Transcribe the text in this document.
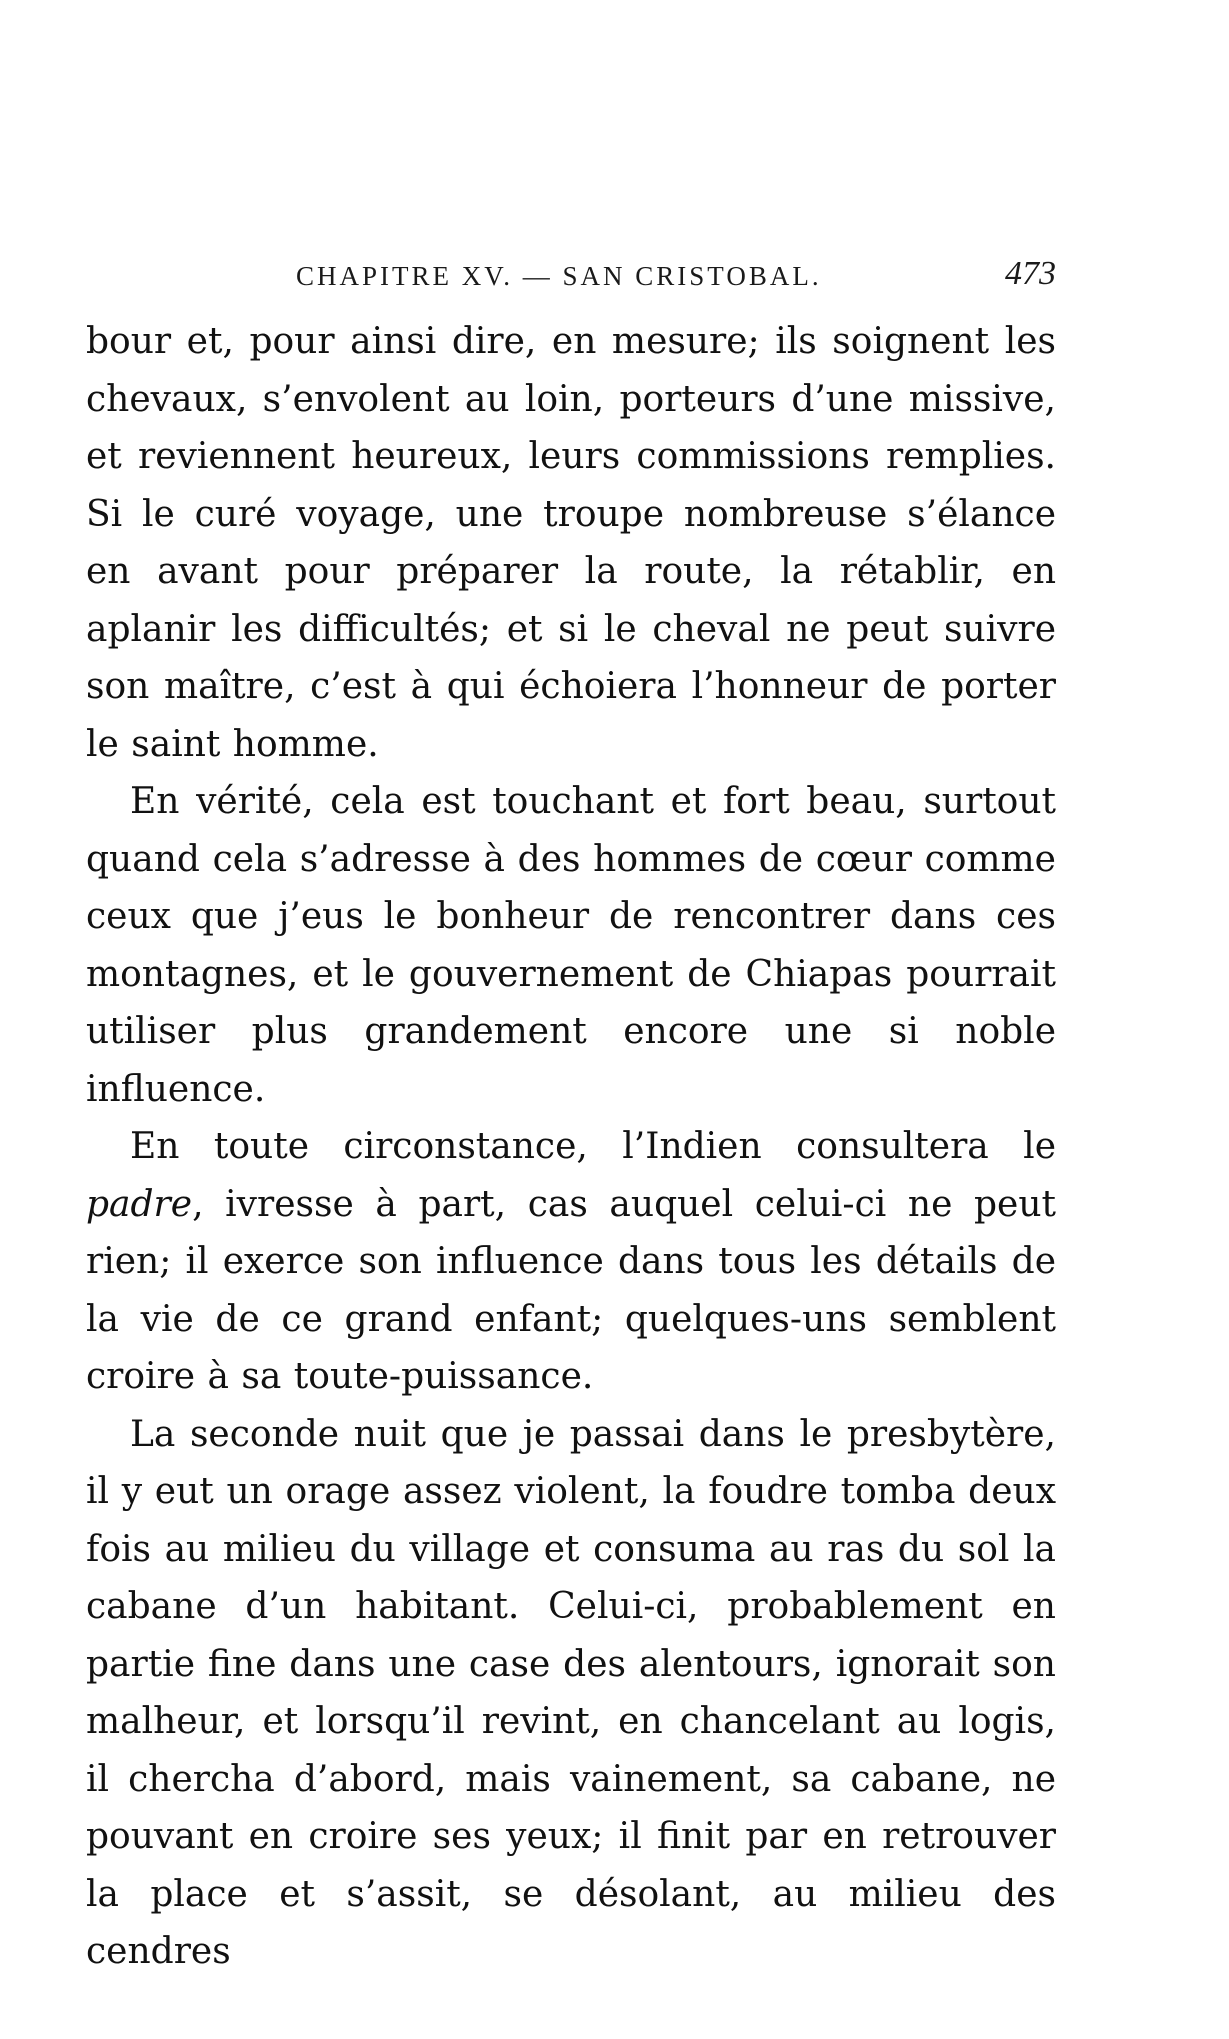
CHAPITRE XV. — SAN CRISTOBAL.	473

bour et, pour ainsi dire, en mesure; ils soignent les chevaux, s’envolent au loin, porteurs d’une missive, et reviennent heureux, leurs commissions remplies. Si le curé voyage, une troupe nombreuse s’élance en avant pour préparer la route, la rétablir, en aplanir les difficultés; et si le cheval ne peut suivre son maître, c’est à qui échoiera l’honneur de porter le saint homme.

En vérité, cela est touchant et fort beau, surtout quand cela s’adresse à des hommes de cœur comme ceux que j’eus le bonheur de rencontrer dans ces montagnes, et le gouvernement de Chiapas pourrait utiliser plus grandement encore une si noble influence.

En toute circonstance, l’Indien consultera le padre, ivresse à part, cas auquel celui-ci ne peut rien; il exerce son influence dans tous les détails de la vie de ce grand enfant; quelques-uns semblent croire à sa toute-puissance.

La seconde nuit que je passai dans le presbytère, il y eut un orage assez violent, la foudre tomba deux fois au milieu du village et consuma au ras du sol la cabane d’un habitant. Celui-ci, probablement en partie fine dans une case des alentours, ignorait son malheur, et lorsqu’il revint, en chancelant au logis, il chercha d’abord, mais vainement, sa cabane, ne pouvant en croire ses yeux; il finit par en retrouver la place et s’assit, se désolant, au milieu des cendres
